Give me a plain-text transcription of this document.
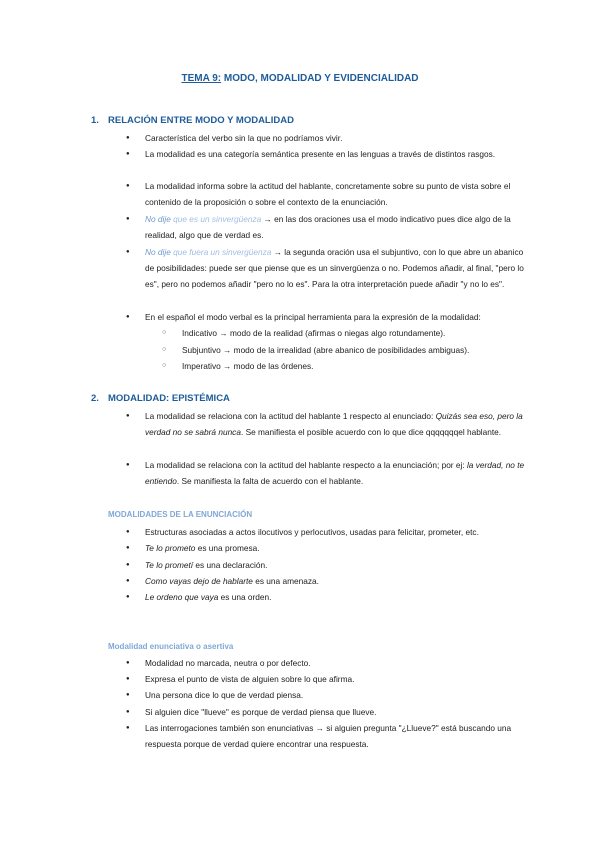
TEMA 9: MODO, MODALIDAD Y EVIDENCIALIDAD
1. RELACIÓN ENTRE MODO Y MODALIDAD
● Característica del verbo sin la que no podríamos vivir.
● La modalidad es una categoría semántica presente en las lenguas a través de distintos rasgos.
● La modalidad informa sobre la actitud del hablante, concretamente sobre su punto de vista sobre el contenido de la proposición o sobre el contexto de la enunciación.
● No dije que es un sinvergüenza → en las dos oraciones usa el modo indicativo pues dice algo de la realidad, algo que de verdad es.
● No dije que fuera un sinvergüenza → la segunda oración usa el subjuntivo, con lo que abre un abanico de posibilidades: puede ser que piense que es un sinvergüenza o no. Podemos añadir, al final, "pero lo es", pero no podemos añadir "pero no lo es". Para la otra interpretación puede añadir "y no lo es".
● En el español el modo verbal es la principal herramienta para la expresión de la modalidad:
○ Indicativo → modo de la realidad (afirmas o niegas algo rotundamente).
○ Subjuntivo → modo de la irrealidad (abre abanico de posibilidades ambiguas).
○ Imperativo → modo de las órdenes.
2. MODALIDAD: EPISTÉMICA
● La modalidad se relaciona con la actitud del hablante 1 respecto al enunciado: Quizás sea eso, pero la verdad no se sabrá nunca. Se manifiesta el posible acuerdo con lo que dice qqqqqqqel hablante.
● La modalidad se relaciona con la actitud del hablante respecto a la enunciación; por ej: la verdad, no te entiendo. Se manifiesta la falta de acuerdo con el hablante.
MODALIDADES DE LA ENUNCIACIÓN
● Estructuras asociadas a actos ilocutivos y perlocutivos, usadas para felicitar, prometer, etc.
● Te lo prometo es una promesa.
● Te lo prometí es una declaración.
● Como vayas dejo de hablarte es una amenaza.
● Le ordeno que vaya es una orden.
Modalidad enunciativa o asertiva
● Modalidad no marcada, neutra o por defecto.
● Expresa el punto de vista de alguien sobre lo que afirma.
● Una persona dice lo que de verdad piensa.
● Si alguien dice "llueve" es porque de verdad piensa que llueve.
● Las interrogaciones también son enunciativas → si alguien pregunta "¿Llueve?" está buscando una respuesta porque de verdad quiere encontrar una respuesta.
